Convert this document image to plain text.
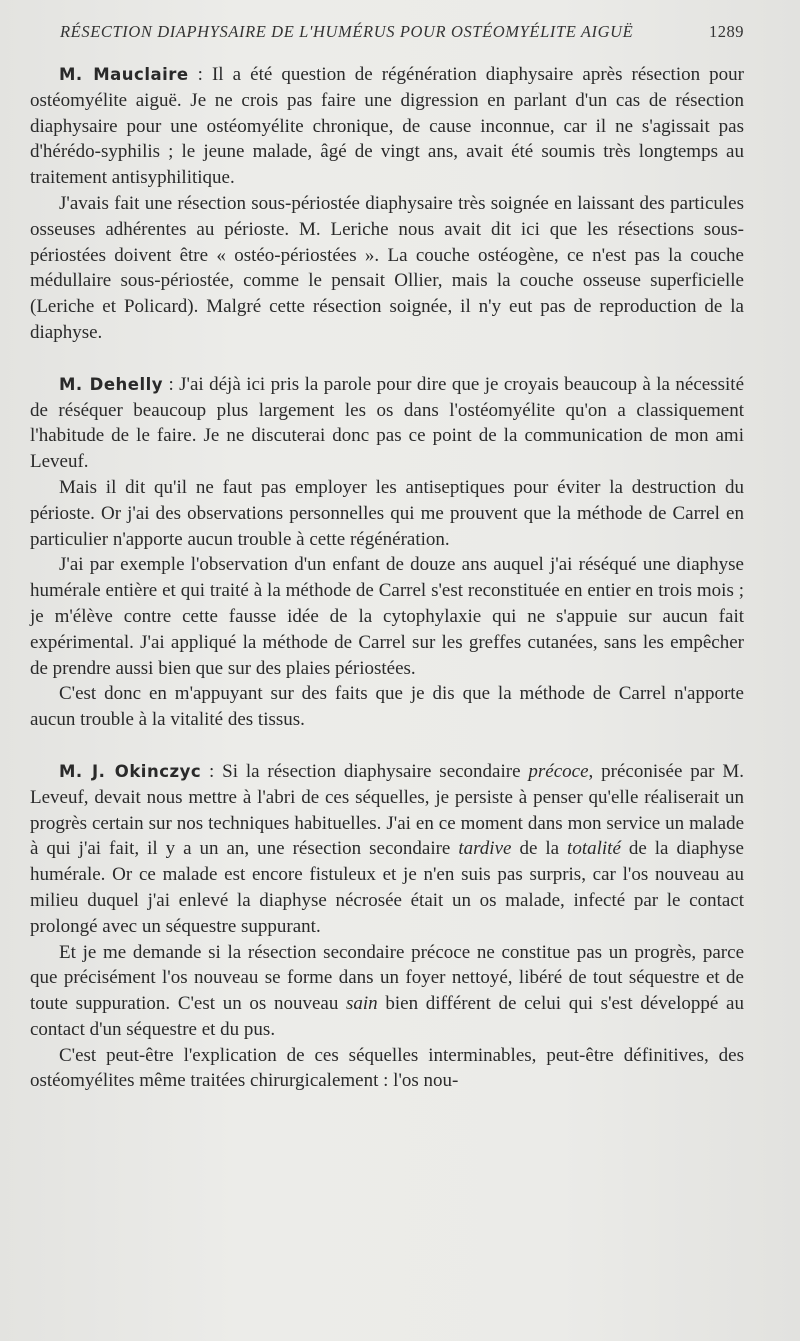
RÉSECTION DIAPHYSAIRE DE L'HUMÉRUS POUR OSTÉOMYÉLITE AIGUË	1289

M. Mauclaire : Il a été question de régénération diaphysaire après résection pour ostéomyélite aiguë. Je ne crois pas faire une digression en parlant d'un cas de résection diaphysaire pour une ostéomyélite chronique, de cause inconnue, car il ne s'agissait pas d'hérédo-syphilis ; le jeune malade, âgé de vingt ans, avait été soumis très longtemps au traitement antisyphilitique.

J'avais fait une résection sous-périostée diaphysaire très soignée en laissant des particules osseuses adhérentes au périoste. M. Leriche nous avait dit ici que les résections sous-périostées doivent être « ostéo-périostées ». La couche ostéogène, ce n'est pas la couche médullaire sous-périostée, comme le pensait Ollier, mais la couche osseuse superficielle (Leriche et Policard). Malgré cette résection soignée, il n'y eut pas de reproduction de la diaphyse.

M. Dehelly : J'ai déjà ici pris la parole pour dire que je croyais beaucoup à la nécessité de réséquer beaucoup plus largement les os dans l'ostéomyélite qu'on a classiquement l'habitude de le faire. Je ne discuterai donc pas ce point de la communication de mon ami Leveuf.

Mais il dit qu'il ne faut pas employer les antiseptiques pour éviter la destruction du périoste. Or j'ai des observations personnelles qui me prouvent que la méthode de Carrel en particulier n'apporte aucun trouble à cette régénération.

J'ai par exemple l'observation d'un enfant de douze ans auquel j'ai réséqué une diaphyse humérale entière et qui traité à la méthode de Carrel s'est reconstituée en entier en trois mois ; je m'élève contre cette fausse idée de la cytophylaxie qui ne s'appuie sur aucun fait expérimental. J'ai appliqué la méthode de Carrel sur les greffes cutanées, sans les empêcher de prendre aussi bien que sur des plaies périostées.

C'est donc en m'appuyant sur des faits que je dis que la méthode de Carrel n'apporte aucun trouble à la vitalité des tissus.

M. J. Okinczyc : Si la résection diaphysaire secondaire précoce, préconisée par M. Leveuf, devait nous mettre à l'abri de ces séquelles, je persiste à penser qu'elle réaliserait un progrès certain sur nos techniques habituelles. J'ai en ce moment dans mon service un malade à qui j'ai fait, il y a un an, une résection secondaire tardive de la totalité de la diaphyse humérale. Or ce malade est encore fistuleux et je n'en suis pas surpris, car l'os nouveau au milieu duquel j'ai enlevé la diaphyse nécrosée était un os malade, infecté par le contact prolongé avec un séquestre suppurant.

Et je me demande si la résection secondaire précoce ne constitue pas un progrès, parce que précisément l'os nouveau se forme dans un foyer nettoyé, libéré de tout séquestre et de toute suppuration. C'est un os nouveau sain bien différent de celui qui s'est développé au contact d'un séquestre et du pus.

C'est peut-être l'explication de ces séquelles interminables, peut-être définitives, des ostéomyélites même traitées chirurgicalement : l'os nou-
